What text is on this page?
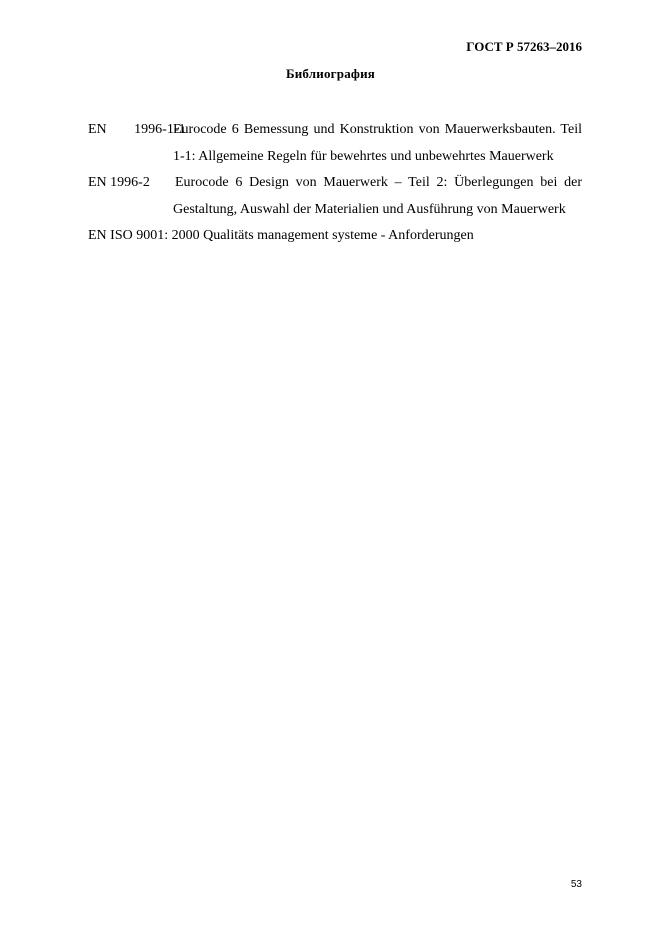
ГОСТ Р 57263–2016
Библиография
EN 1996-1-1
Eurocode 6 Bemessung und Konstruktion von Mauerwerksbauten. Teil 1-1: Allgemeine Regeln für bewehrtes und unbewehrtes Mauerwerk
EN 1996-2 Eurocode 6 Design von Mauerwerk – Teil 2: Überlegungen bei der Gestaltung, Auswahl der Materialien und Ausführung von Mauerwerk
EN ISO 9001: 2000 Qualitäts management systeme - Anforderungen
53
